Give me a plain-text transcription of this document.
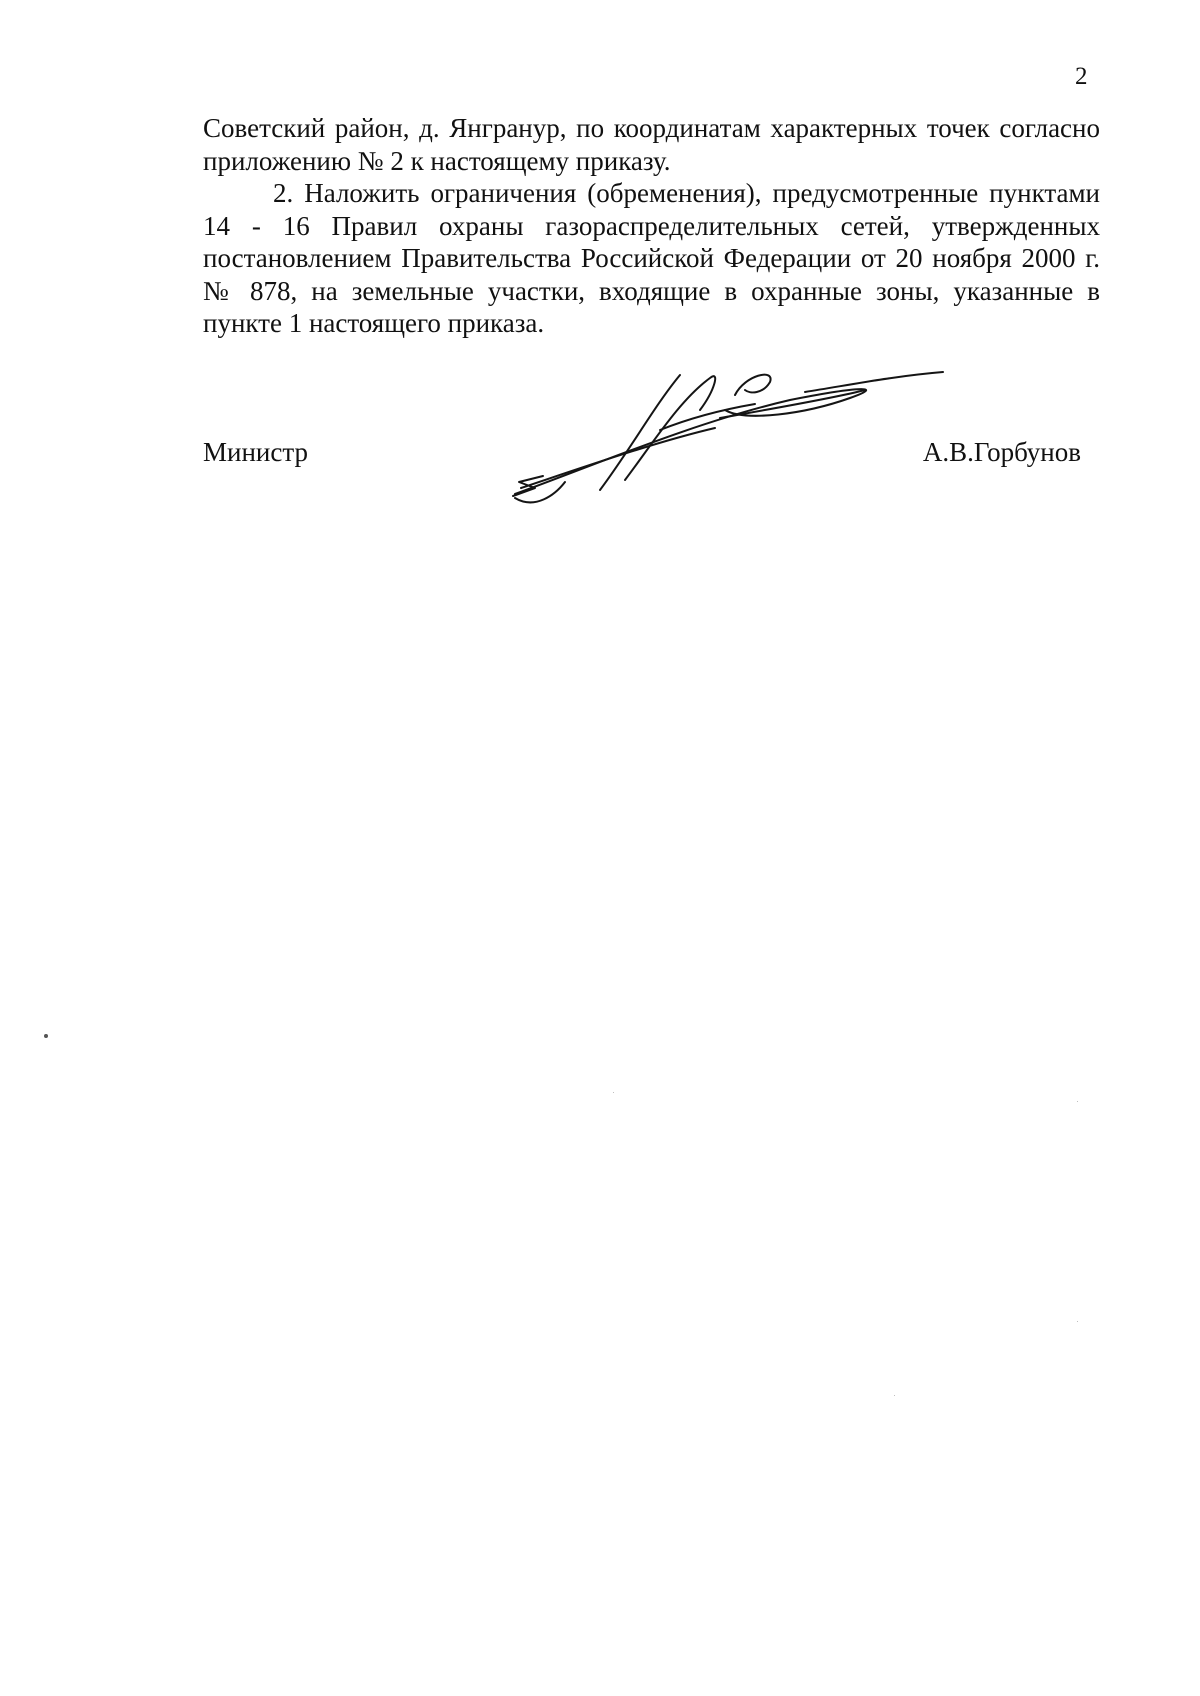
2

Советский район, д. Янгранур, по координатам характерных точек согласно приложению № 2 к настоящему приказу.

2. Наложить ограничения (обременения), предусмотренные пунктами 14 - 16 Правил охраны газораспределительных сетей, утвержденных постановлением Правительства Российской Федерации от 20 ноября 2000 г. № 878, на земельные участки, входящие в охранные зоны, указанные в пункте 1 настоящего приказа.

Министр	А.В.Горбунов
